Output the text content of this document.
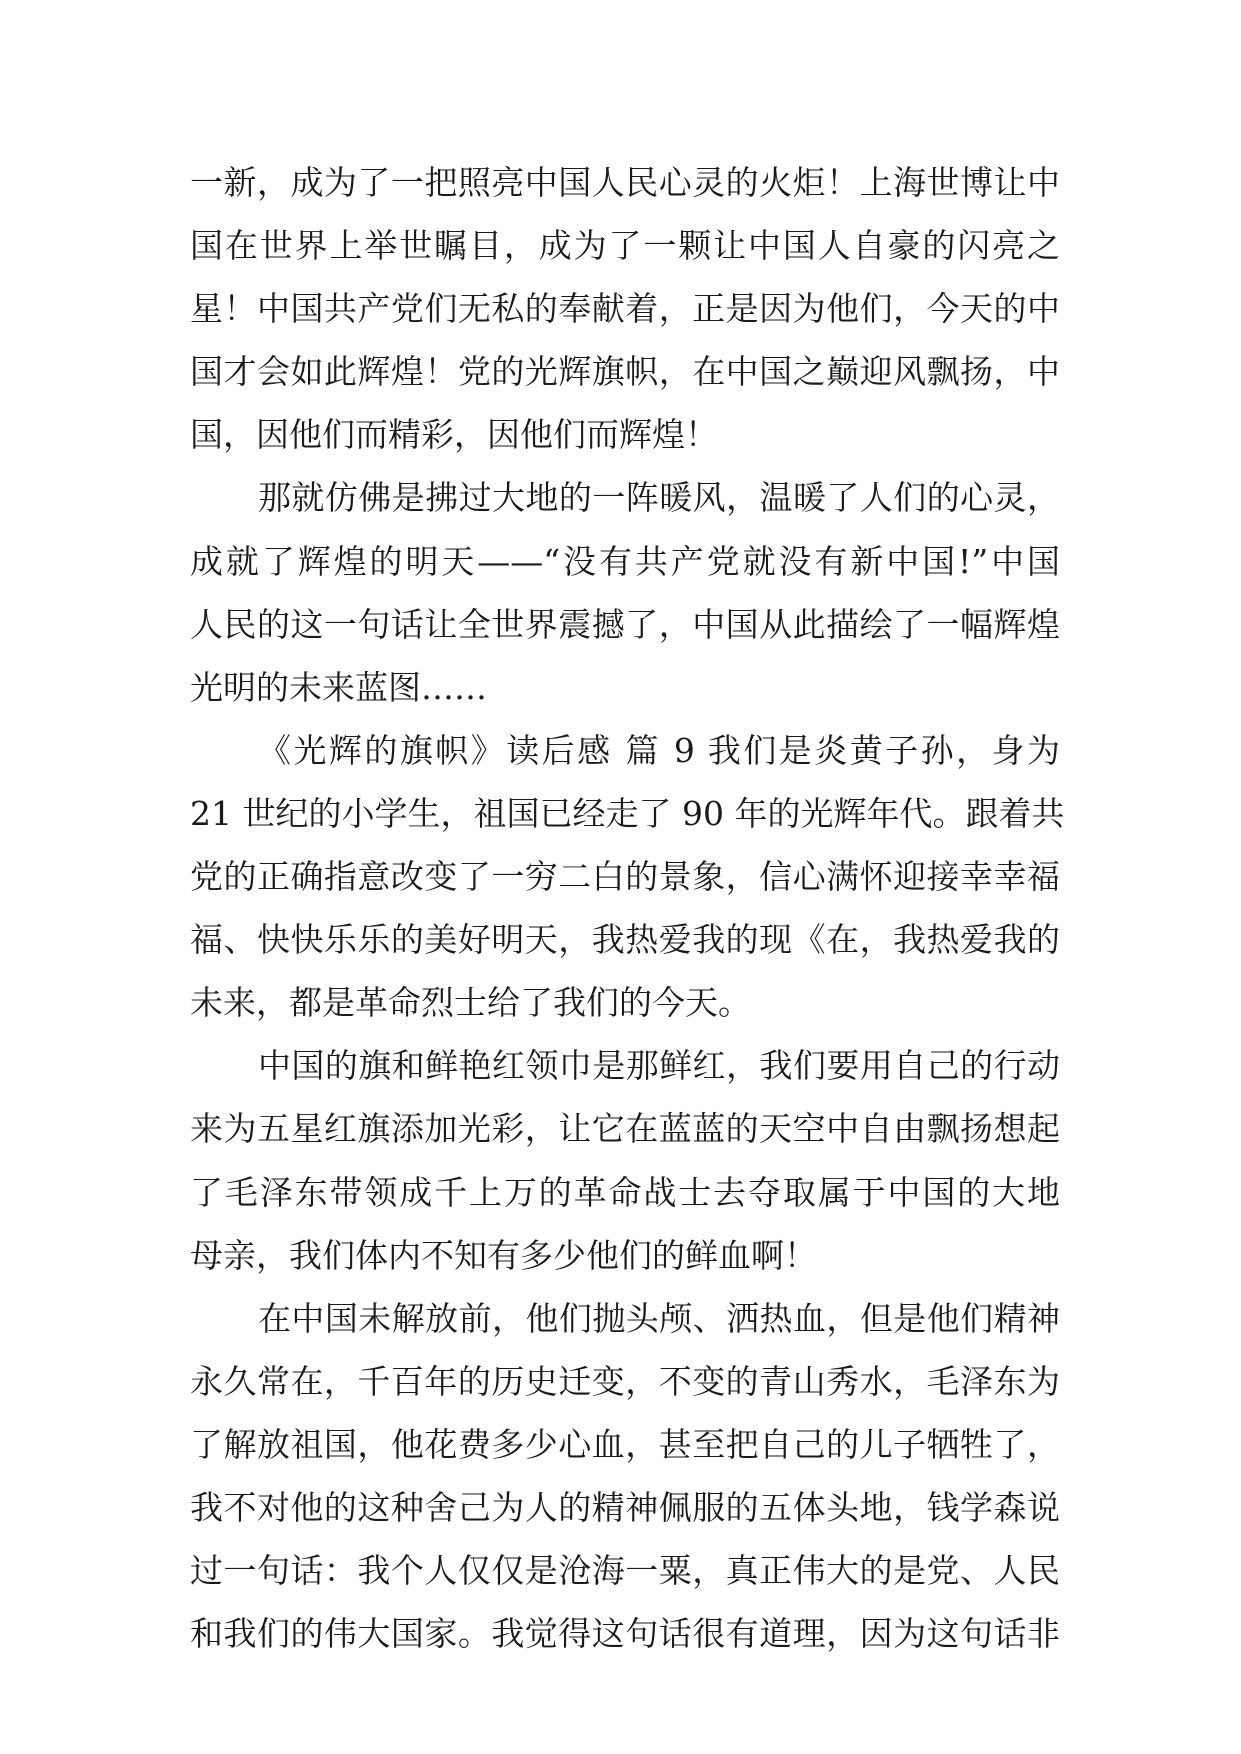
一新，成为了一把照亮中国人民心灵的火炬！上海世博让中
国在世界上举世瞩目，成为了一颗让中国人自豪的闪亮之
星！中国共产党们无私的奉献着，正是因为他们，今天的中
国才会如此辉煌！党的光辉旗帜，在中国之巅迎风飘扬，中
国，因他们而精彩，因他们而辉煌！
那就仿佛是拂过大地的一阵暖风，温暖了人们的心灵，
成就了辉煌的明天——“没有共产党就没有新中国!”中国
人民的这一句话让全世界震撼了，中国从此描绘了一幅辉煌
光明的未来蓝图……
《光辉的旗帜》读后感 篇 9 我们是炎黄子孙，身为
21 世纪的小学生，祖国已经走了 90 年的光辉年代。跟着共
党的正确指意改变了一穷二白的景象，信心满怀迎接幸幸福
福、快快乐乐的美好明天，我热爱我的现《在，我热爱我的
未来，都是革命烈士给了我们的今天。
中国的旗和鲜艳红领巾是那鲜红，我们要用自己的行动
来为五星红旗添加光彩，让它在蓝蓝的天空中自由飘扬想起
了毛泽东带领成千上万的革命战士去夺取属于中国的大地
母亲，我们体内不知有多少他们的鲜血啊！
在中国未解放前，他们抛头颅、洒热血，但是他们精神
永久常在，千百年的历史迁变，不变的青山秀水，毛泽东为
了解放祖国，他花费多少心血，甚至把自己的儿子牺牲了，
我不对他的这种舍己为人的精神佩服的五体头地，钱学森说
过一句话：我个人仅仅是沧海一粟，真正伟大的是党、人民
和我们的伟大国家。我觉得这句话很有道理，因为这句话非
